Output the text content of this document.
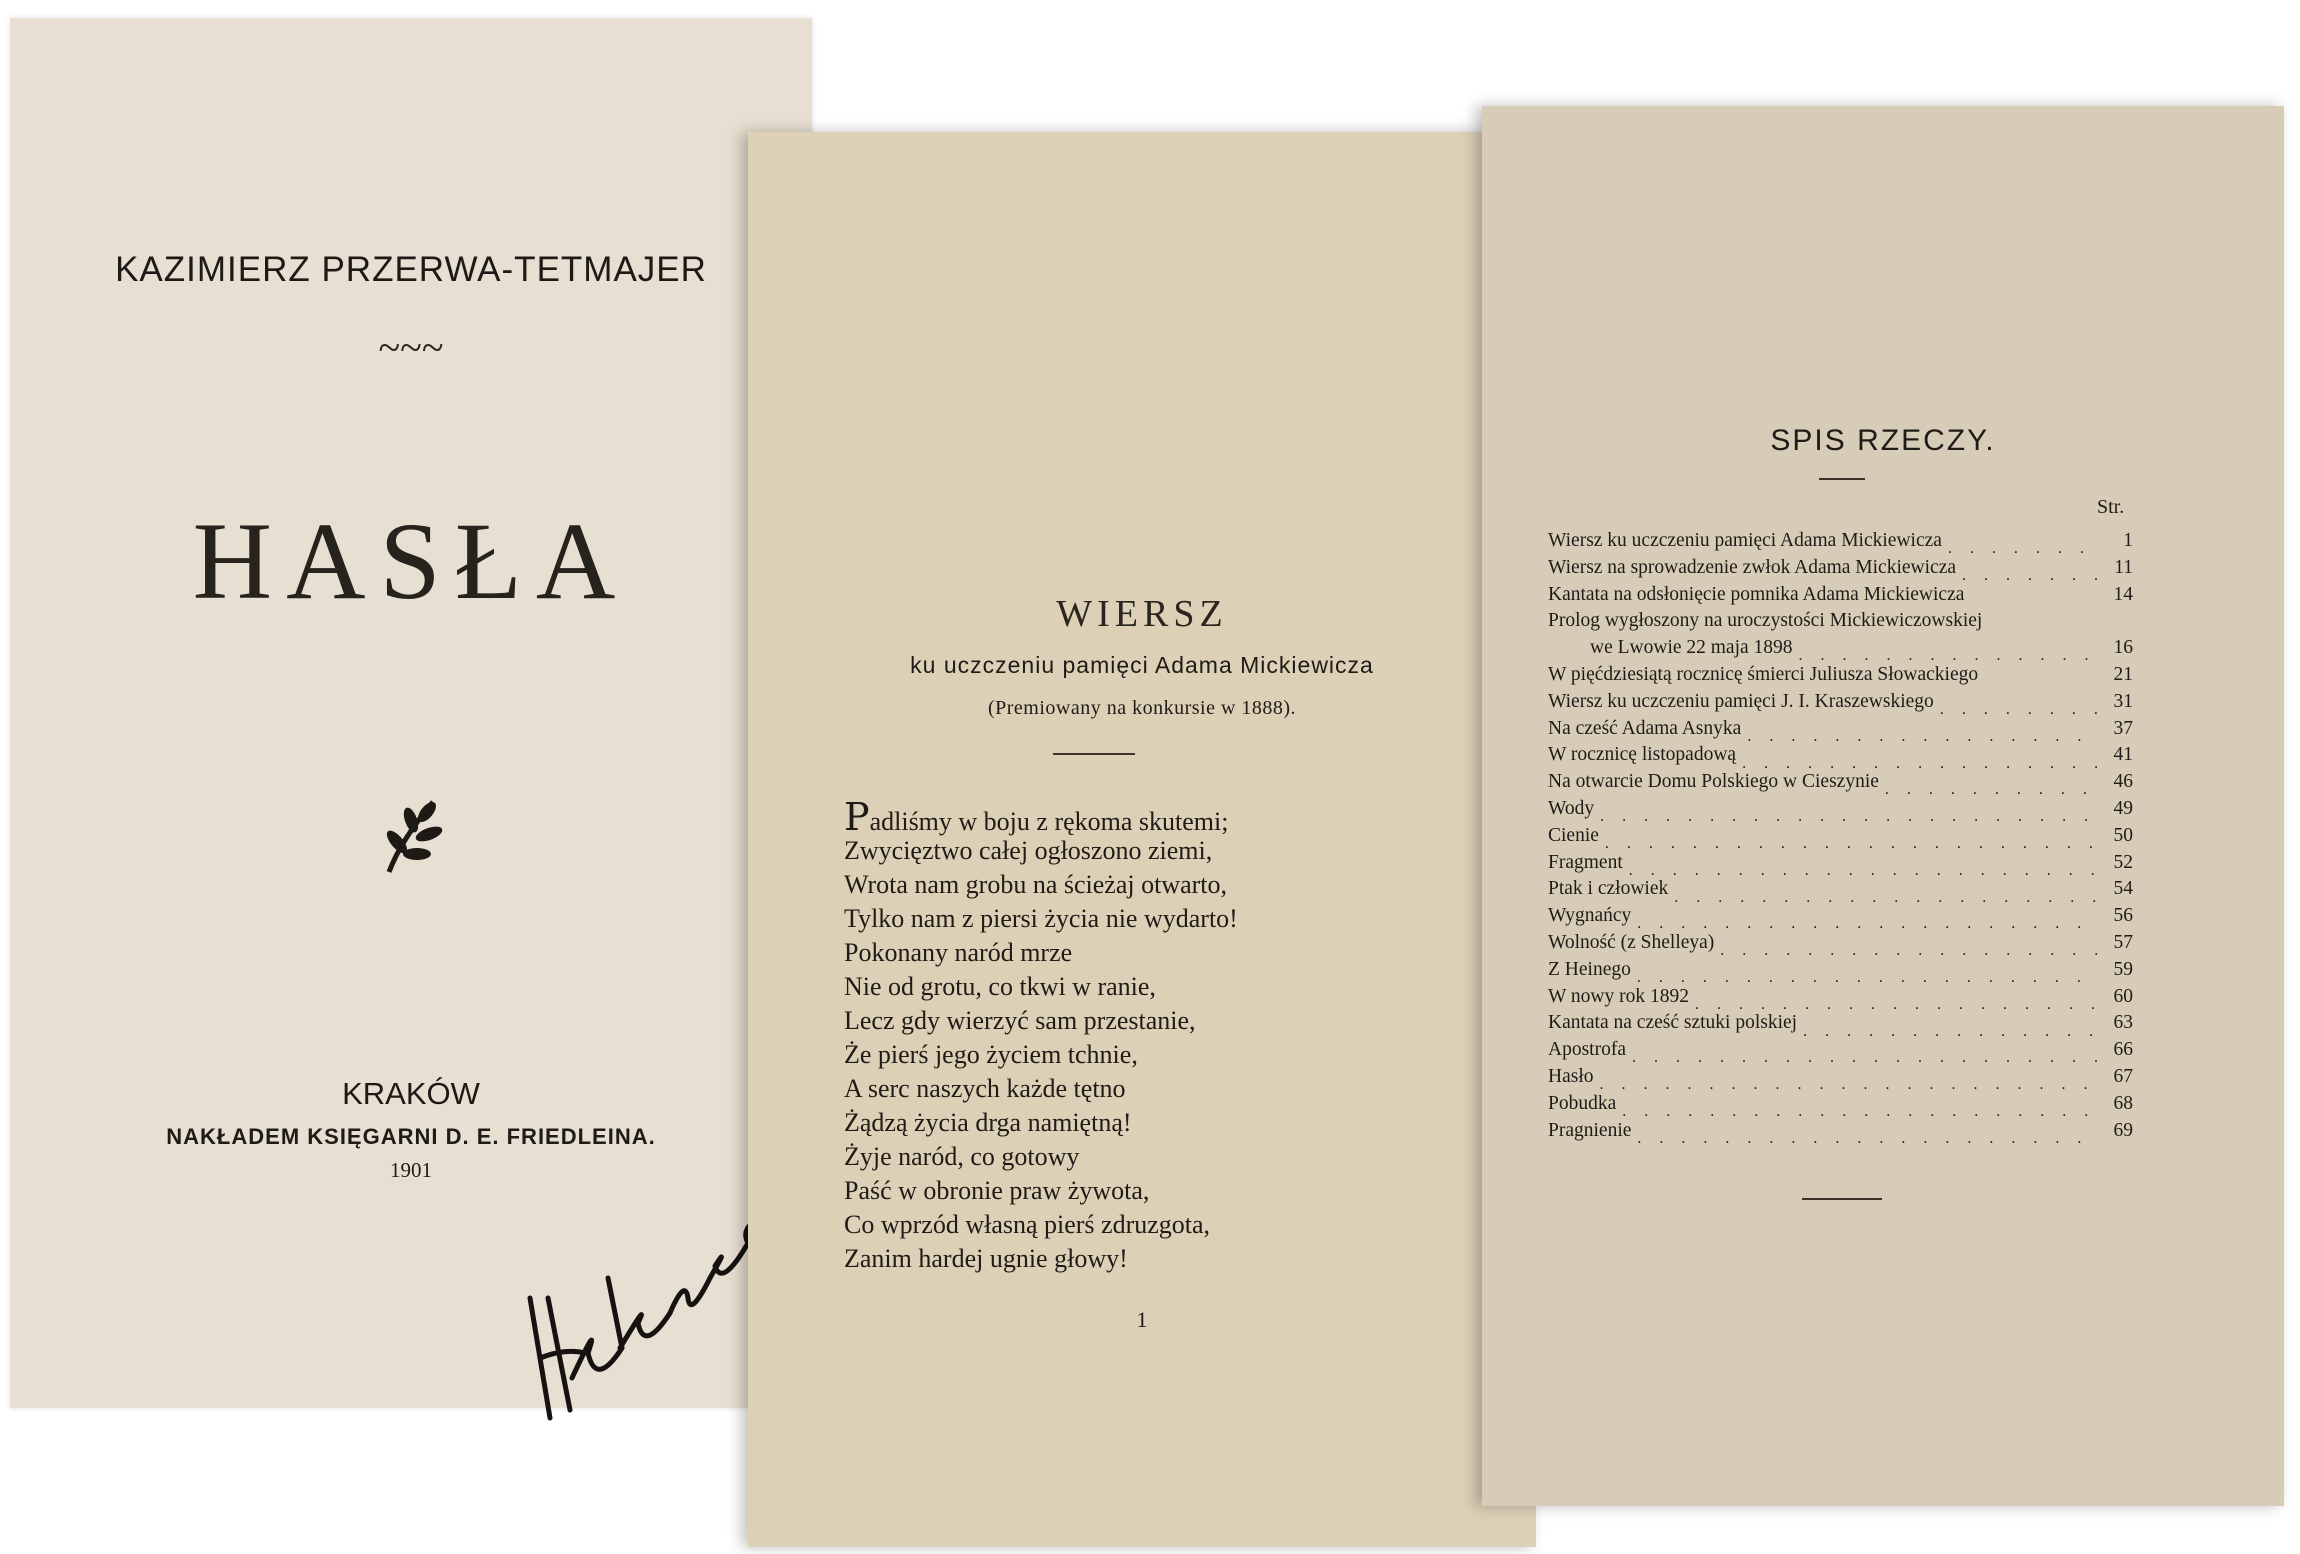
KAZIMIERZ PRZERWA-TETMAJER
~~~
HASŁA
KRAKÓW
NAKŁADEM KSIĘGARNI D. E. FRIEDLEINA.
1901
WIERSZ
ku uczczeniu pamięci Adama Mickiewicza
(Premiowany na konkursie w 1888).
Padliśmy w boju z rękoma skutemi;
Zwycięztwo całej ogłoszono ziemi,
Wrota nam grobu na ścieżaj otwarto,
Tylko nam z piersi życia nie wydarto!
Pokonany naród mrze
Nie od grotu, co tkwi w ranie,
Lecz gdy wierzyć sam przestanie,
Że pierś jego życiem tchnie,
A serc naszych każde tętno
Żądzą życia drga namiętną!
Żyje naród, co gotowy
Paść w obronie praw żywota,
Co wprzód własną pierś zdruzgota,
Zanim hardej ugnie głowy!
1
SPIS RZECZY.
Str.
Wiersz ku uczczeniu pamięci Adama Mickiewicza . . .	1
Wiersz na sprowadzenie zwłok Adama Mickiewicza . . .	11
Kantata na odsłonięcie pomnika Adama Mickiewicza	14
Prolog wygłoszony na uroczystości Mickiewiczowskiej
we Lwowie 22 maja 1898 . . .	16
W pięćdziesiątą rocznicę śmierci Juliusza Słowackiego	21
Wiersz ku uczczeniu pamięci J. I. Kraszewskiego . . .	31
Na cześć Adama Asnyka . . .	37
W rocznicę listopadową . . .	41
Na otwarcie Domu Polskiego w Cieszynie . . .	46
Wody . . .	49
Cienie . . .	50
Fragment . . .	52
Ptak i człowiek . . .	54
Wygnańcy . . .	56
Wolność (z Shelleya) . . .	57
Z Heinego . . .	59
W nowy rok 1892 . . .	60
Kantata na cześć sztuki polskiej . . .	63
Apostrofa . . .	66
Hasło . . .	67
Pobudka . . .	68
Pragnienie . . .	69
